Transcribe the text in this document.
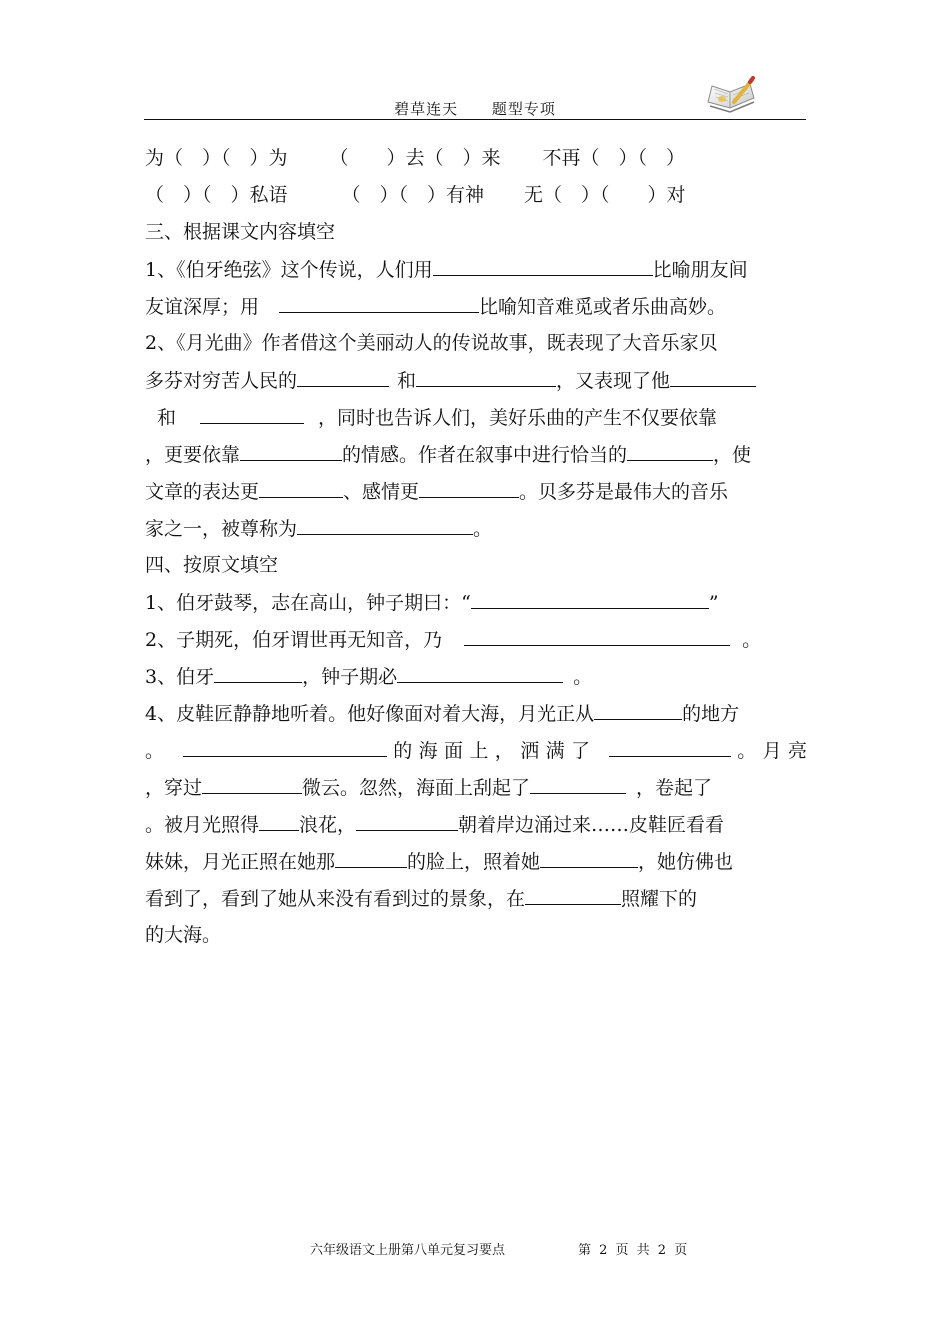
碧草连天 题型专项
为（　）（　）为 （　　）去（　）来 不再（　）（　）
（　）（　）私语	（　）（　）有神 无（　）（　　）对
三、根据课文内容填空
1、《伯牙绝弦》这个传说，人们用	比喻朋友间
友谊深厚；用	比喻知音难觅或者乐曲高妙。
2、《月光曲》作者借这个美丽动人的传说故事，既表现了大音乐家贝
多芬对穷苦人民的	和	，又表现了他
和	，同时也告诉人们，美好乐曲的产生不仅要依靠
，更要依靠	的情感。作者在叙事中进行恰当的	，使
文章的表达更	、感情更	。贝多芬是最伟大的音乐
家之一，被尊称为	。
四、按原文填空
1、伯牙鼓琴，志在高山，钟子期曰：“	”
2、子期死，伯牙谓世再无知音，乃	。
3、伯牙	，钟子期必	。
4、皮鞋匠静静地听着。他好像面对着大海，月光正从	的地方
。	的海面上，洒满了	。月亮
，穿过	微云。忽然，海面上刮起了	，卷起了
。被月光照得 浪花，	朝着岸边涌过来……皮鞋匠看看
妹妹，月光正照在她那	的脸上，照着她	，她仿佛也
看到了，看到了她从来没有看到过的景象，在	照耀下的
的大海。
六年级语文上册第八单元复习要点	第 2 页 共 2 页
